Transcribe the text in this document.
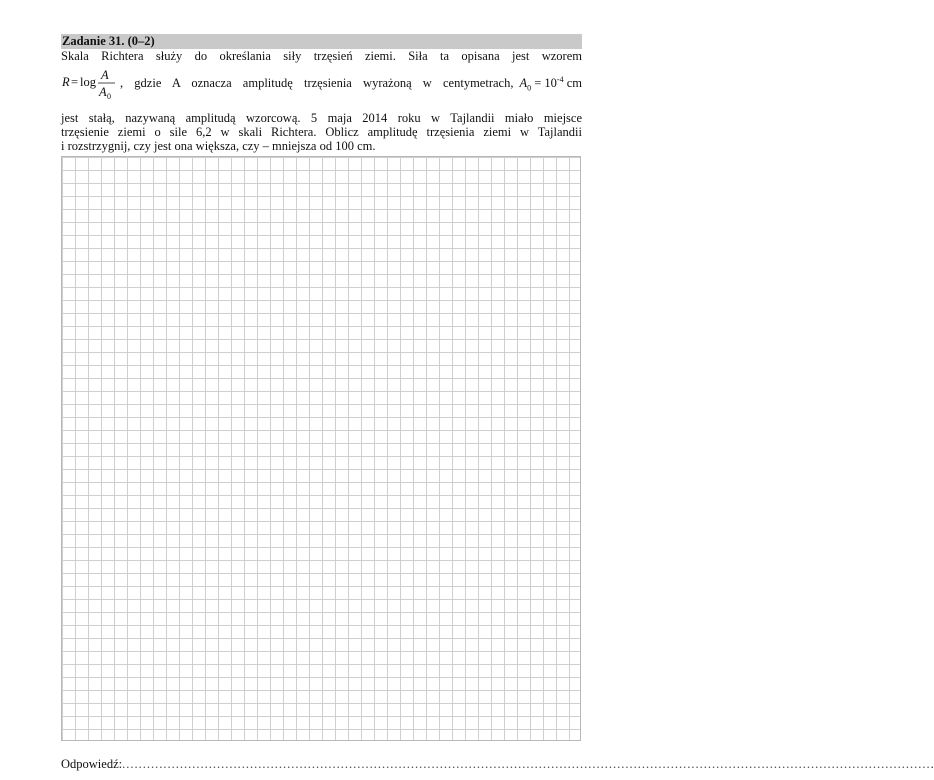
Zadanie 31. (0–2)
Skala Richtera służy do określania siły trzęsień ziemi. Siła ta opisana jest wzorem
R = log A
A 0
, gdzie A oznacza amplitudę trzęsienia wyrażoną w centymetrach, $A_0 = 10^{-4}$ cm
jest stałą, nazywaną amplitudą wzorcową. 5 maja 2014 roku w Tajlandii miało miejsce
trzęsienie ziemi o sile 6,2 w skali Richtera. Oblicz amplitudę trzęsienia ziemi w Tajlandii
i rozstrzygnij, czy jest ona większa, czy – mniejsza od 100 cm.
Odpowiedź: .................................................................................................................................................................................................... .
